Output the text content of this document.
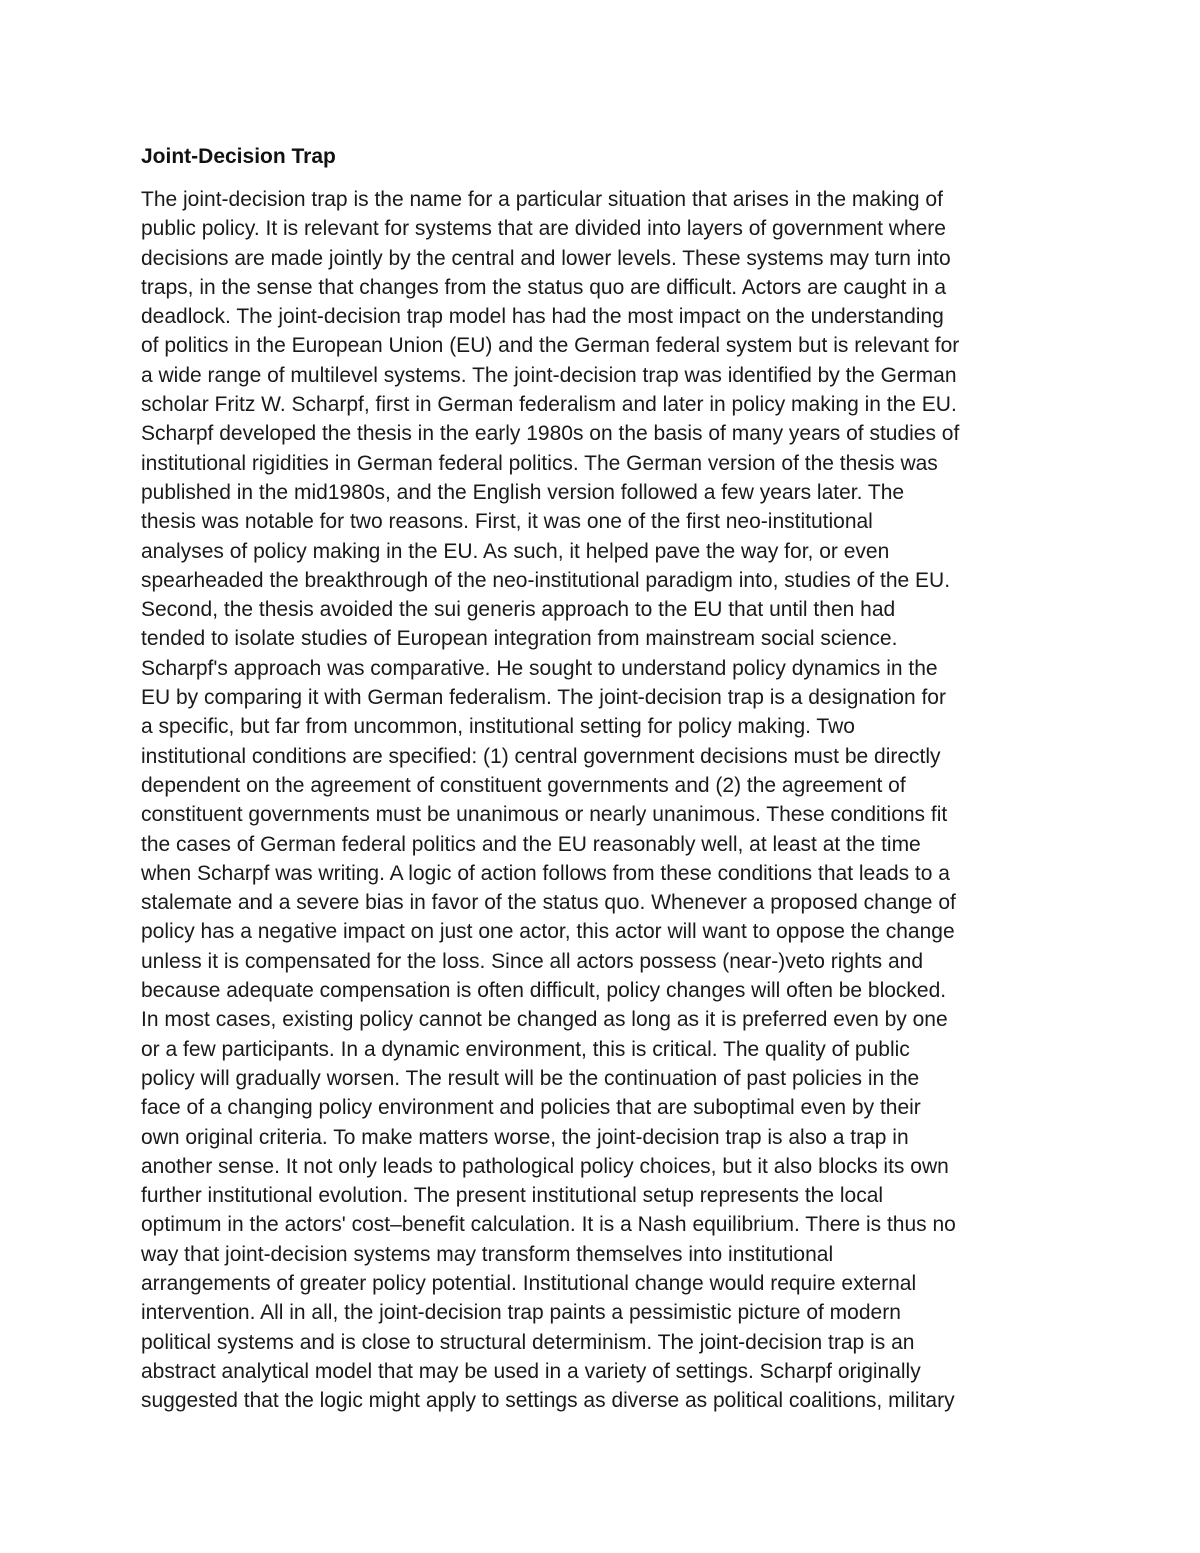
Joint-Decision Trap
The joint-decision trap is the name for a particular situation that arises in the making of
public policy. It is relevant for systems that are divided into layers of government where
decisions are made jointly by the central and lower levels. These systems may turn into
traps, in the sense that changes from the status quo are difficult. Actors are caught in a
deadlock. The joint-decision trap model has had the most impact on the understanding
of politics in the European Union (EU) and the German federal system but is relevant for
a wide range of multilevel systems. The joint-decision trap was identified by the German
scholar Fritz W. Scharpf, first in German federalism and later in policy making in the EU.
Scharpf developed the thesis in the early 1980s on the basis of many years of studies of
institutional rigidities in German federal politics. The German version of the thesis was
published in the mid1980s, and the English version followed a few years later. The
thesis was notable for two reasons. First, it was one of the first neo-institutional
analyses of policy making in the EU. As such, it helped pave the way for, or even
spearheaded the breakthrough of the neo-institutional paradigm into, studies of the EU.
Second, the thesis avoided the sui generis approach to the EU that until then had
tended to isolate studies of European integration from mainstream social science.
Scharpf's approach was comparative. He sought to understand policy dynamics in the
EU by comparing it with German federalism. The joint-decision trap is a designation for
a specific, but far from uncommon, institutional setting for policy making. Two
institutional conditions are specified: (1) central government decisions must be directly
dependent on the agreement of constituent governments and (2) the agreement of
constituent governments must be unanimous or nearly unanimous. These conditions fit
the cases of German federal politics and the EU reasonably well, at least at the time
when Scharpf was writing. A logic of action follows from these conditions that leads to a
stalemate and a severe bias in favor of the status quo. Whenever a proposed change of
policy has a negative impact on just one actor, this actor will want to oppose the change
unless it is compensated for the loss. Since all actors possess (near-)veto rights and
because adequate compensation is often difficult, policy changes will often be blocked.
In most cases, existing policy cannot be changed as long as it is preferred even by one
or a few participants. In a dynamic environment, this is critical. The quality of public
policy will gradually worsen. The result will be the continuation of past policies in the
face of a changing policy environment and policies that are suboptimal even by their
own original criteria. To make matters worse, the joint-decision trap is also a trap in
another sense. It not only leads to pathological policy choices, but it also blocks its own
further institutional evolution. The present institutional setup represents the local
optimum in the actors' cost–benefit calculation. It is a Nash equilibrium. There is thus no
way that joint-decision systems may transform themselves into institutional
arrangements of greater policy potential. Institutional change would require external
intervention. All in all, the joint-decision trap paints a pessimistic picture of modern
political systems and is close to structural determinism. The joint-decision trap is an
abstract analytical model that may be used in a variety of settings. Scharpf originally
suggested that the logic might apply to settings as diverse as political coalitions, military
